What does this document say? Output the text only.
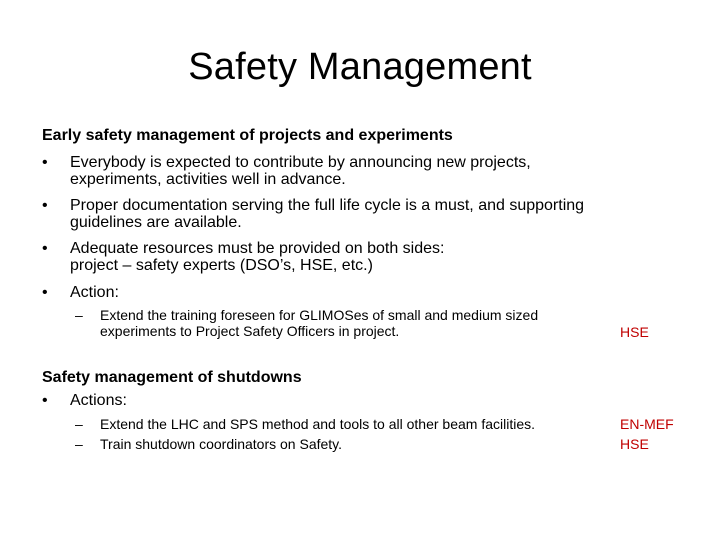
Safety Management
Early safety management of projects and experiments
•	Everybody is expected to contribute by announcing new projects,
experiments, activities well in advance.
•	Proper documentation serving the full life cycle is a must, and supporting
guidelines are available.
•	Adequate resources must be provided on both sides:
project – safety experts (DSO’s, HSE, etc.)
•	Action:
– Extend the training foreseen for GLIMOSes of small and medium sized
experiments to Project Safety Officers in project.	HSE
Safety management of shutdowns
•	Actions:
– Extend the LHC and SPS method and tools to all other beam facilities.	EN-MEF
– Train shutdown coordinators on Safety.	HSE
